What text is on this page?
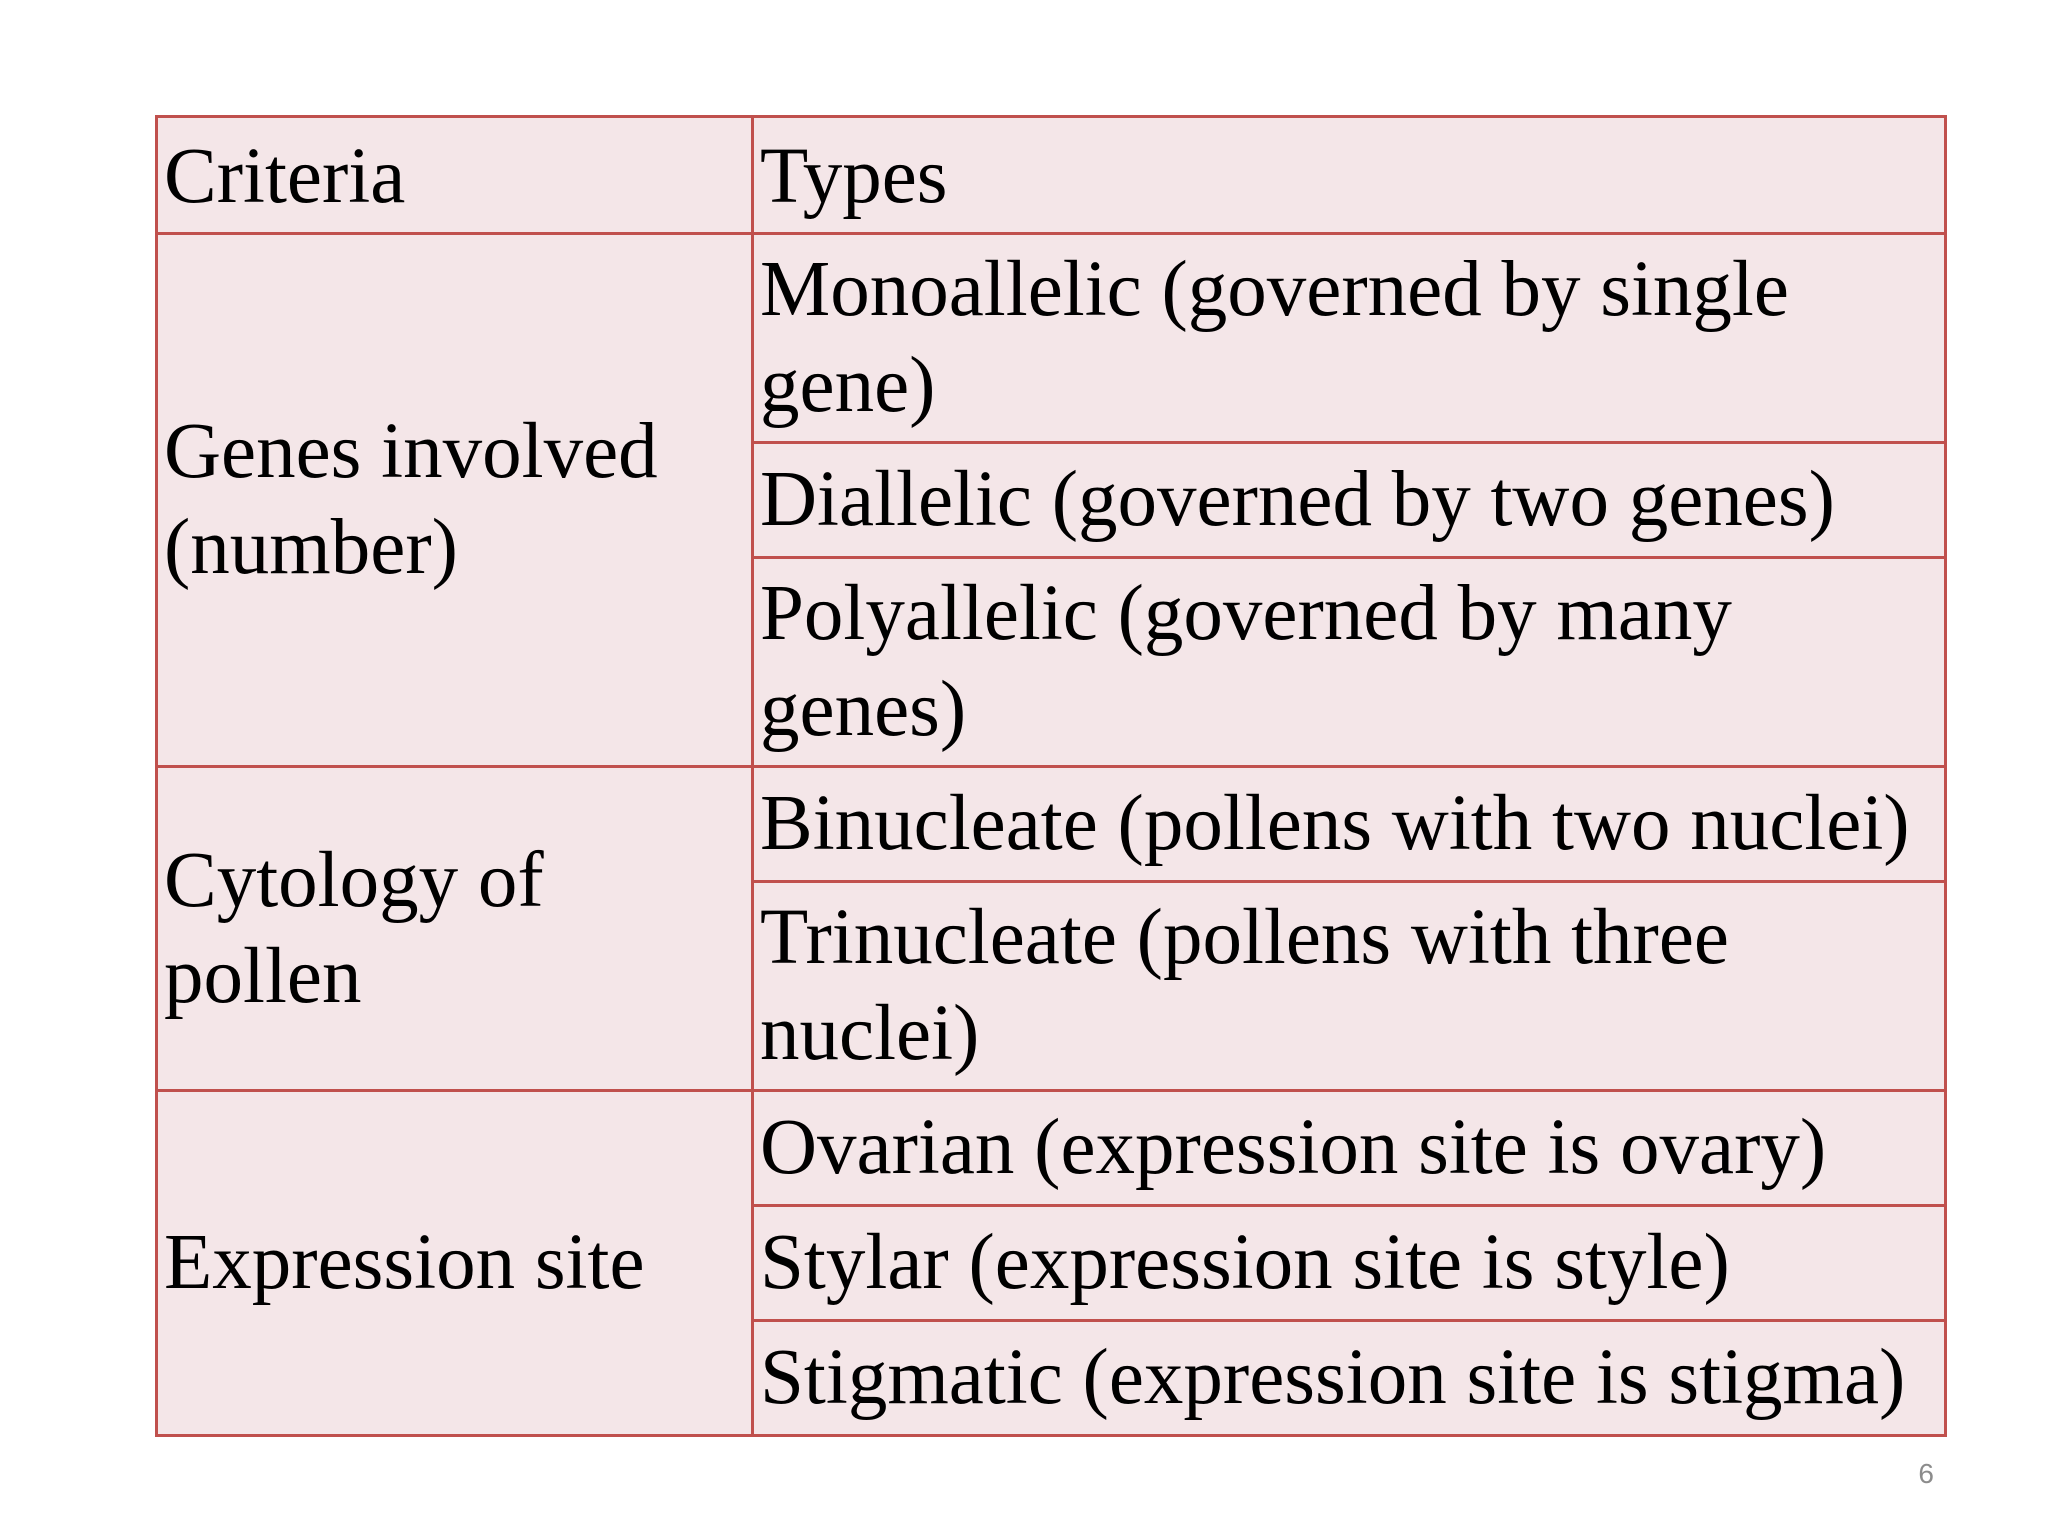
Criteria	Types
Genes involved (number)	Monoallelic (governed by single gene)
	Diallelic (governed by two genes)
	Polyallelic (governed by many genes)
Cytology of pollen	Binucleate (pollens with two nuclei)
	Trinucleate (pollens with three nuclei)
Expression site	Ovarian (expression site is ovary)
	Stylar (expression site is style)
	Stigmatic (expression site is stigma)
6
